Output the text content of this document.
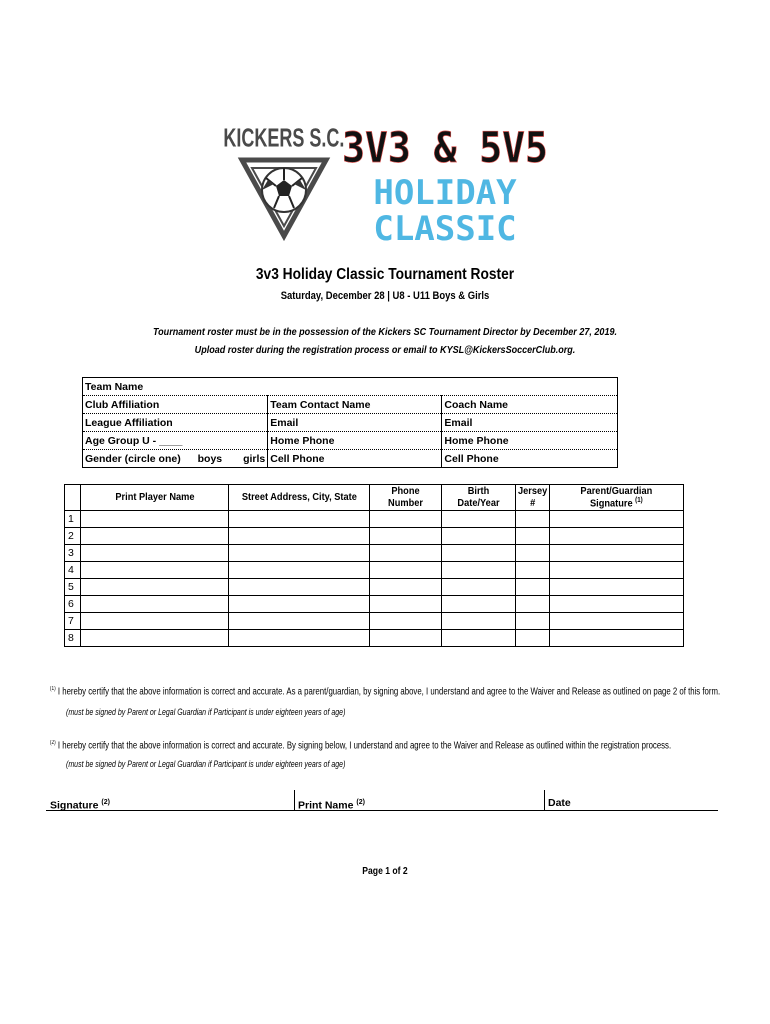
KICKERS S.C.
3V3 & 5V5
HOLIDAY
CLASSIC
3v3 Holiday Classic Tournament Roster
Saturday, December 28 | U8 - U11 Boys & Girls
Tournament roster must be in the possession of the Kickers SC Tournament Director by December 27, 2019.
Upload roster during the registration process or email to KYSL@KickersSoccerClub.org.
Team Name		
Club Affiliation	Team Contact Name	Coach Name
League Affiliation	Email	Email
Age Group U - ____	Home Phone	Home Phone
Gender (circle one) boys girls	Cell Phone	Cell Phone
	Print Player Name	Street Address, City, State	Phone Number	Birth Date/Year	Jersey #	Parent/Guardian Signature $^{(1)}$
1						
2						
3						
4						
5						
6						
7						
8						
$^{(1)}$ I hereby certify that the above information is correct and accurate. As a parent/guardian, by signing above, I understand and agree to the Waiver and Release as outlined on page 2 of this form.
(must be signed by Parent or Legal Guardian if Participant is under eighteen years of age)
$^{(2)}$ I hereby certify that the above information is correct and accurate. By signing below, I understand and agree to the Waiver and Release as outlined within the registration process.
(must be signed by Parent or Legal Guardian if Participant is under eighteen years of age)
Signature $^{(2)}$	Print Name $^{(2)}$	Date
Page 1 of 2
